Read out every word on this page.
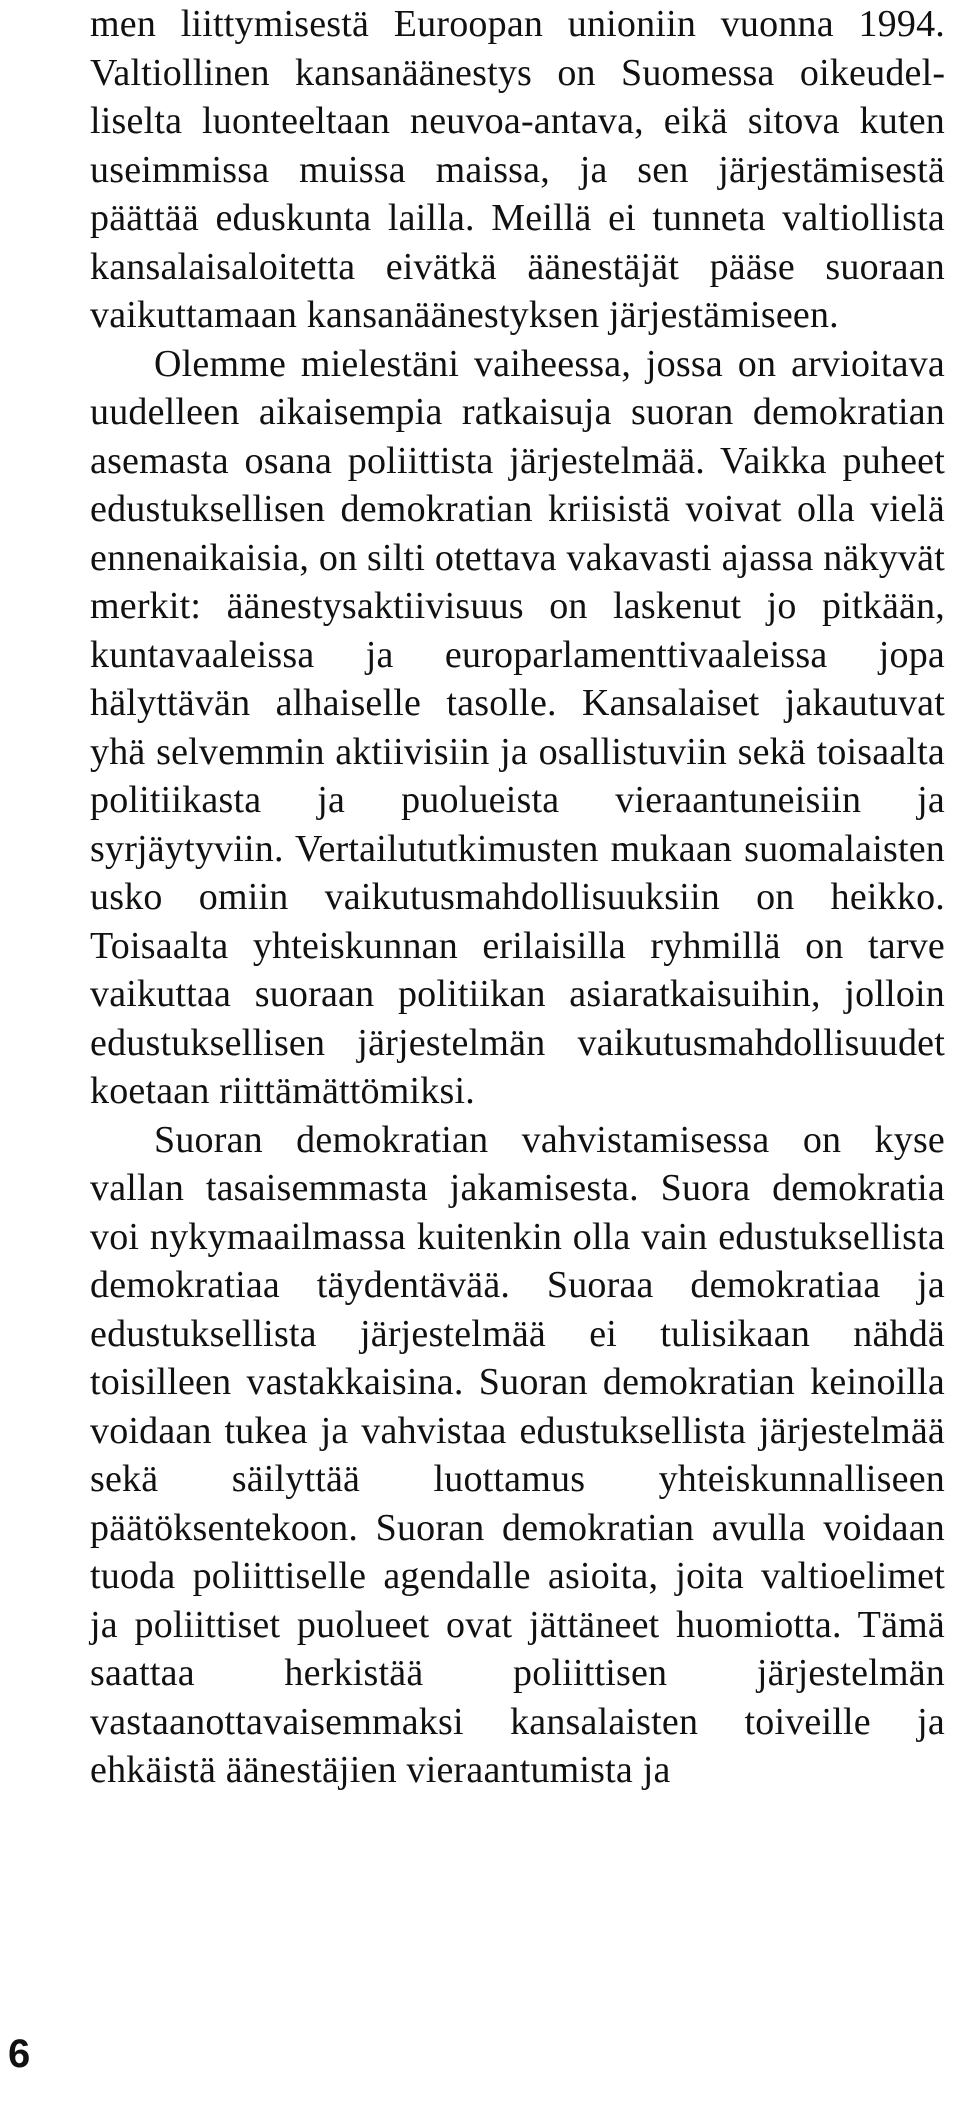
men liittymisestä Euroopan unioniin vuonna 1994. Valtiollinen kansanäänestys on Suomessa oikeudelliselta luonteeltaan neuvoa-antava, eikä sitova kuten useimmissa muissa maissa, ja sen järjestämisestä päättää eduskunta lailla. Meillä ei tunneta valtiollista kansalaisaloitetta eivätkä äänestäjät pääse suoraan vaikuttamaan kansanäänestyksen järjestämiseen.

Olemme mielestäni vaiheessa, jossa on arvioitava uudelleen aikaisempia ratkaisuja suoran demokratian asemasta osana poliittista järjestelmää. Vaikka puheet edustuksellisen demokratian kriisistä voivat olla vielä ennenaikaisia, on silti otettava vakavasti ajassa näkyvät merkit: äänestysaktiivisuus on laskenut jo pitkään, kuntavaaleissa ja europarlamenttivaaleissa jopa hälyttävän alhaiselle tasolle. Kansalaiset jakautuvat yhä selvemmin aktiivisiin ja osallistuviin sekä toisaalta politiikasta ja puolueista vieraantuneisiin ja syrjäytyviin. Vertailututkimusten mukaan suomalaisten usko omiin vaikutusmahdollisuuksiin on heikko. Toisaalta yhteiskunnan erilaisilla ryhmillä on tarve vaikuttaa suoraan politiikan asiaratkaisuihin, jolloin edustuksellisen järjestelmän vaikutusmahdollisuudet koetaan riittämättömiksi.

Suoran demokratian vahvistamisessa on kyse vallan tasaisemmasta jakamisesta. Suora demokratia voi nykymaailmassa kuitenkin olla vain edustuksellista demokratiaa täydentävää. Suoraa demokratiaa ja edustuksellista järjestelmää ei tulisikaan nähdä toisilleen vastakkaisina. Suoran demokratian keinoilla voidaan tukea ja vahvistaa edustuksellista järjestelmää sekä säilyttää luottamus yhteiskunnalliseen päätöksentekoon. Suoran demokratian avulla voidaan tuoda poliittiselle agendalle asioita, joita valtioelimet ja poliittiset puolueet ovat jättäneet huomiotta. Tämä saattaa herkistää poliittisen järjestelmän vastaanottavaisemmaksi kansalaisten toiveille ja ehkäistä äänestäjien vieraantumista ja

6
